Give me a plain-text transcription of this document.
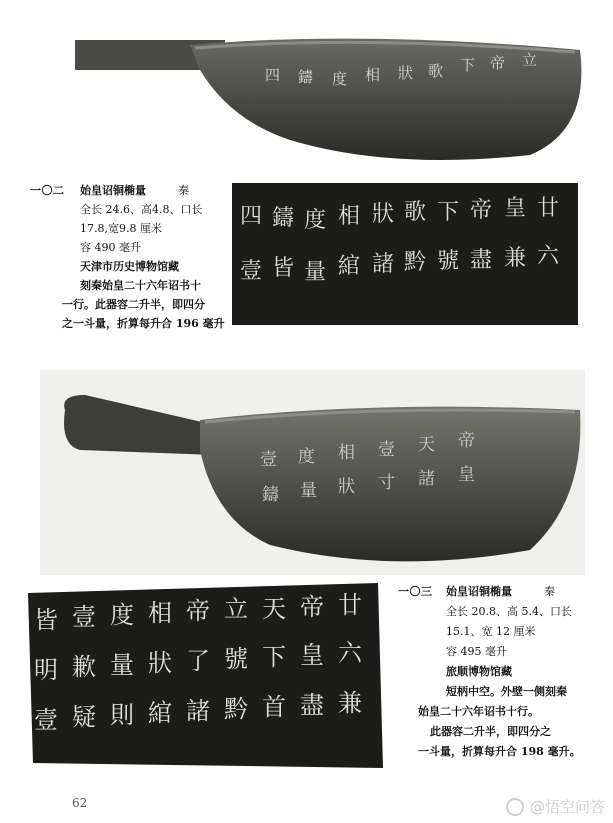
四 鑄 度 相 狀 歌 下 帝 立
四 鑄 度 相 狀 歌 下 帝 皇 廿
壹 皆 量 綰 諸 黔 號 盡 兼 六
一〇二 始皇诏铜椭量	秦
全长 24.6、高4.8、口长
17.8,宽9.8 厘米
容 490 毫升
天津市历史博物馆藏
刻秦始皇二十六年诏书十
一行。此器容二升半，即四分
之一斗量，折算每升合 196 毫升
壹 度 相 壹 天 帝
鑄 量 狀 寸 諸 皇
皆 壹 度 相 帝 立 天 帝 廿
明 歉 量 狀 了 號 下 皇 六
壹 疑 則 綰 諸 黔 首 盡 兼
一〇三 始皇诏铜椭量	秦
全长 20.8、高 5.4、口长
15.1、宽 12 厘米
容 495 毫升
旅顺博物馆藏
短柄中空。外壁一侧刻秦
始皇二十六年诏书十行。
此器容二升半，即四分之
一斗量，折算每升合 198 毫升。
62	@悟空问答
